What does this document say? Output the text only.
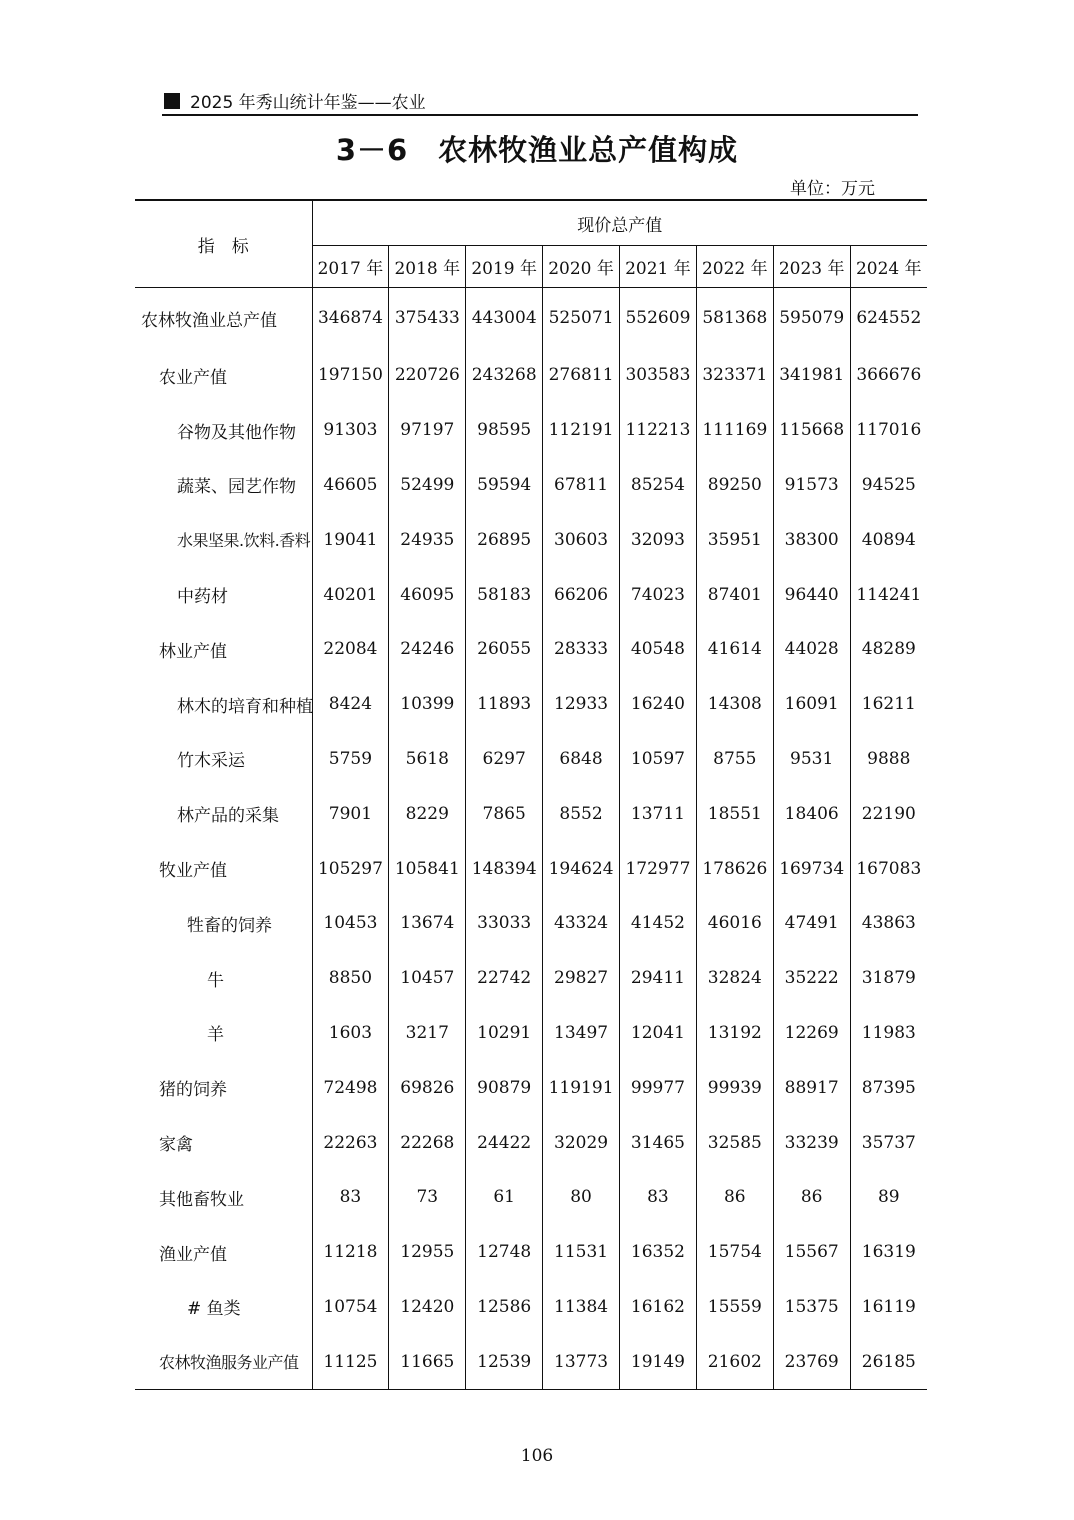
2025 年秀山统计年鉴——农业
3－6　农林牧渔业总产值构成
单位：万元
指　标	现价总产值							
	2017 年	2018 年	2019 年	2020 年	2021 年	2022 年	2023 年	2024 年
农林牧渔业总产值	346874	375433	443004	525071	552609	581368	595079	624552
农业产值	197150	220726	243268	276811	303583	323371	341981	366676
谷物及其他作物	91303	97197	98595	112191	112213	111169	115668	117016
蔬菜、园艺作物	46605	52499	59594	67811	85254	89250	91573	94525
水果坚果.饮料.香料	19041	24935	26895	30603	32093	35951	38300	40894
中药材	40201	46095	58183	66206	74023	87401	96440	114241
林业产值	22084	24246	26055	28333	40548	41614	44028	48289
林木的培育和种植	8424	10399	11893	12933	16240	14308	16091	16211
竹木采运	5759	5618	6297	6848	10597	8755	9531	9888
林产品的采集	7901	8229	7865	8552	13711	18551	18406	22190
牧业产值	105297	105841	148394	194624	172977	178626	169734	167083
牲畜的饲养	10453	13674	33033	43324	41452	46016	47491	43863
牛	8850	10457	22742	29827	29411	32824	35222	31879
羊	1603	3217	10291	13497	12041	13192	12269	11983
猪的饲养	72498	69826	90879	119191	99977	99939	88917	87395
家禽	22263	22268	24422	32029	31465	32585	33239	35737
其他畜牧业	83	73	61	80	83	86	86	89
渔业产值	11218	12955	12748	11531	16352	15754	15567	16319
# 鱼类	10754	12420	12586	11384	16162	15559	15375	16119
农林牧渔服务业产值	11125	11665	12539	13773	19149	21602	23769	26185
106
